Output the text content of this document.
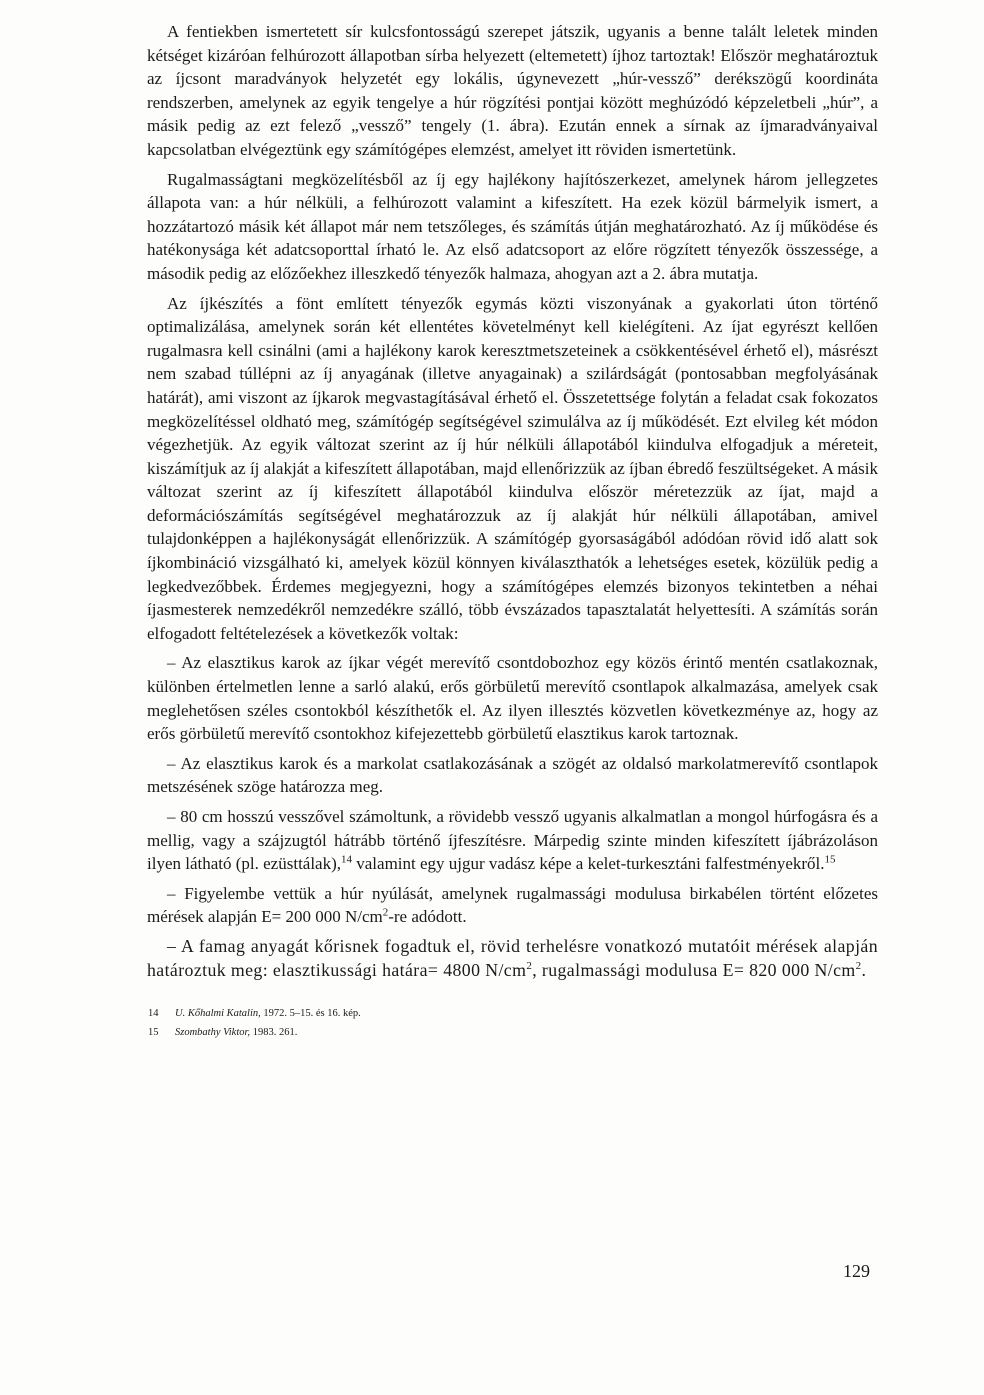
A fentiekben ismertetett sír kulcsfontosságú szerepet játszik, ugyanis a benne talált leletek minden kétséget kizáróan felhúrozott állapotban sírba helyezett (eltemetett) íjhoz tartoztak! Először meghatároztuk az íjcsont maradványok helyzetét egy lokális, úgynevezett „húr-vessző” derékszögű koordináta rendszerben, amelynek az egyik tengelye a húr rögzítési pontjai között meghúzódó képzeletbeli „húr”, a másik pedig az ezt felező „vessző” tengely (1. ábra). Ezután ennek a sírnak az íjmaradványaival kapcsolatban elvégeztünk egy számítógépes elemzést, amelyet itt röviden ismertetünk.

Rugalmasságtani megközelítésből az íj egy hajlékony hajítószerkezet, amelynek három jellegzetes állapota van: a húr nélküli, a felhúrozott valamint a kifeszített. Ha ezek közül bármelyik ismert, a hozzátartozó másik két állapot már nem tetszőleges, és számítás útján meghatározható. Az íj működése és hatékonysága két adatcsoporttal írható le. Az első adatcsoport az előre rögzített tényezők összessége, a második pedig az előzőekhez illeszkedő tényezők halmaza, ahogyan azt a 2. ábra mutatja.

Az íjkészítés a fönt említett tényezők egymás közti viszonyának a gyakorlati úton történő optimalizálása, amelynek során két ellentétes követelményt kell kielégíteni. Az íjat egyrészt kellően rugalmasra kell csinálni (ami a hajlékony karok keresztmetszeteinek a csökkentésével érhető el), másrészt nem szabad túllépni az íj anyagának (illetve anyagainak) a szilárdságát (pontosabban megfolyásának határát), ami viszont az íjkarok megvastagításával érhető el. Összetettsége folytán a feladat csak fokozatos megközelítéssel oldható meg, számítógép segítségével szimulálva az íj működését. Ezt elvileg két módon végezhetjük. Az egyik változat szerint az íj húr nélküli állapotából kiindulva elfogadjuk a méreteit, kiszámítjuk az íj alakját a kifeszített állapotában, majd ellenőrizzük az íjban ébredő feszültségeket. A másik változat szerint az íj kifeszített állapotából kiindulva először méretezzük az íjat, majd a deformációszámítás segítségével meghatározzuk az íj alakját húr nélküli állapotában, amivel tulajdonképpen a hajlékonyságát ellenőrizzük. A számítógép gyorsaságából adódóan rövid idő alatt sok íjkombináció vizsgálható ki, amelyek közül könnyen kiválaszthatók a lehetséges esetek, közülük pedig a legkedvezőbbek. Érdemes megjegyezni, hogy a számítógépes elemzés bizonyos tekintetben a néhai íjasmesterek nemzedékről nemzedékre szálló, több évszázados tapasztalatát helyettesíti. A számítás során elfogadott feltételezések a következők voltak:

– Az elasztikus karok az íjkar végét merevítő csontdobozhoz egy közös érintő mentén csatlakoznak, különben értelmetlen lenne a sarló alakú, erős görbületű merevítő csontlapok alkalmazása, amelyek csak meglehetősen széles csontokból készíthetők el. Az ilyen illesztés közvetlen következménye az, hogy az erős görbületű merevítő csontokhoz kifejezettebb görbületű elasztikus karok tartoznak.

– Az elasztikus karok és a markolat csatlakozásának a szögét az oldalsó markolatmerevítő csontlapok metszésének szöge határozza meg.

– 80 cm hosszú vesszővel számoltunk, a rövidebb vessző ugyanis alkalmatlan a mongol húrfogásra és a mellig, vagy a szájzugtól hátrább történő íjfeszítésre. Márpedig szinte minden kifeszített íjábrázoláson ilyen látható (pl. ezüsttálak),$^{14}$ valamint egy ujgur vadász képe a kelet-turkesztáni falfestményekről.$^{15}$

– Figyelembe vettük a húr nyúlását, amelynek rugalmassági modulusa birkabélen történt előzetes mérések alapján E= 200 000 $N/cm^2-re$ adódott.

– A famag anyagát kőrisnek fogadtuk el, rövid terhelésre vonatkozó mutatóit mérések alapján határoztuk meg: elasztikussági határa= 4800 $N/cm^2$, rugalmassági modulusa E= 820 000 $N/cm^2$.

14 U. Kőhalmi Katalin, 1972. 5–15. és 16. kép.
15 Szombathy Viktor, 1983. 261.
129
